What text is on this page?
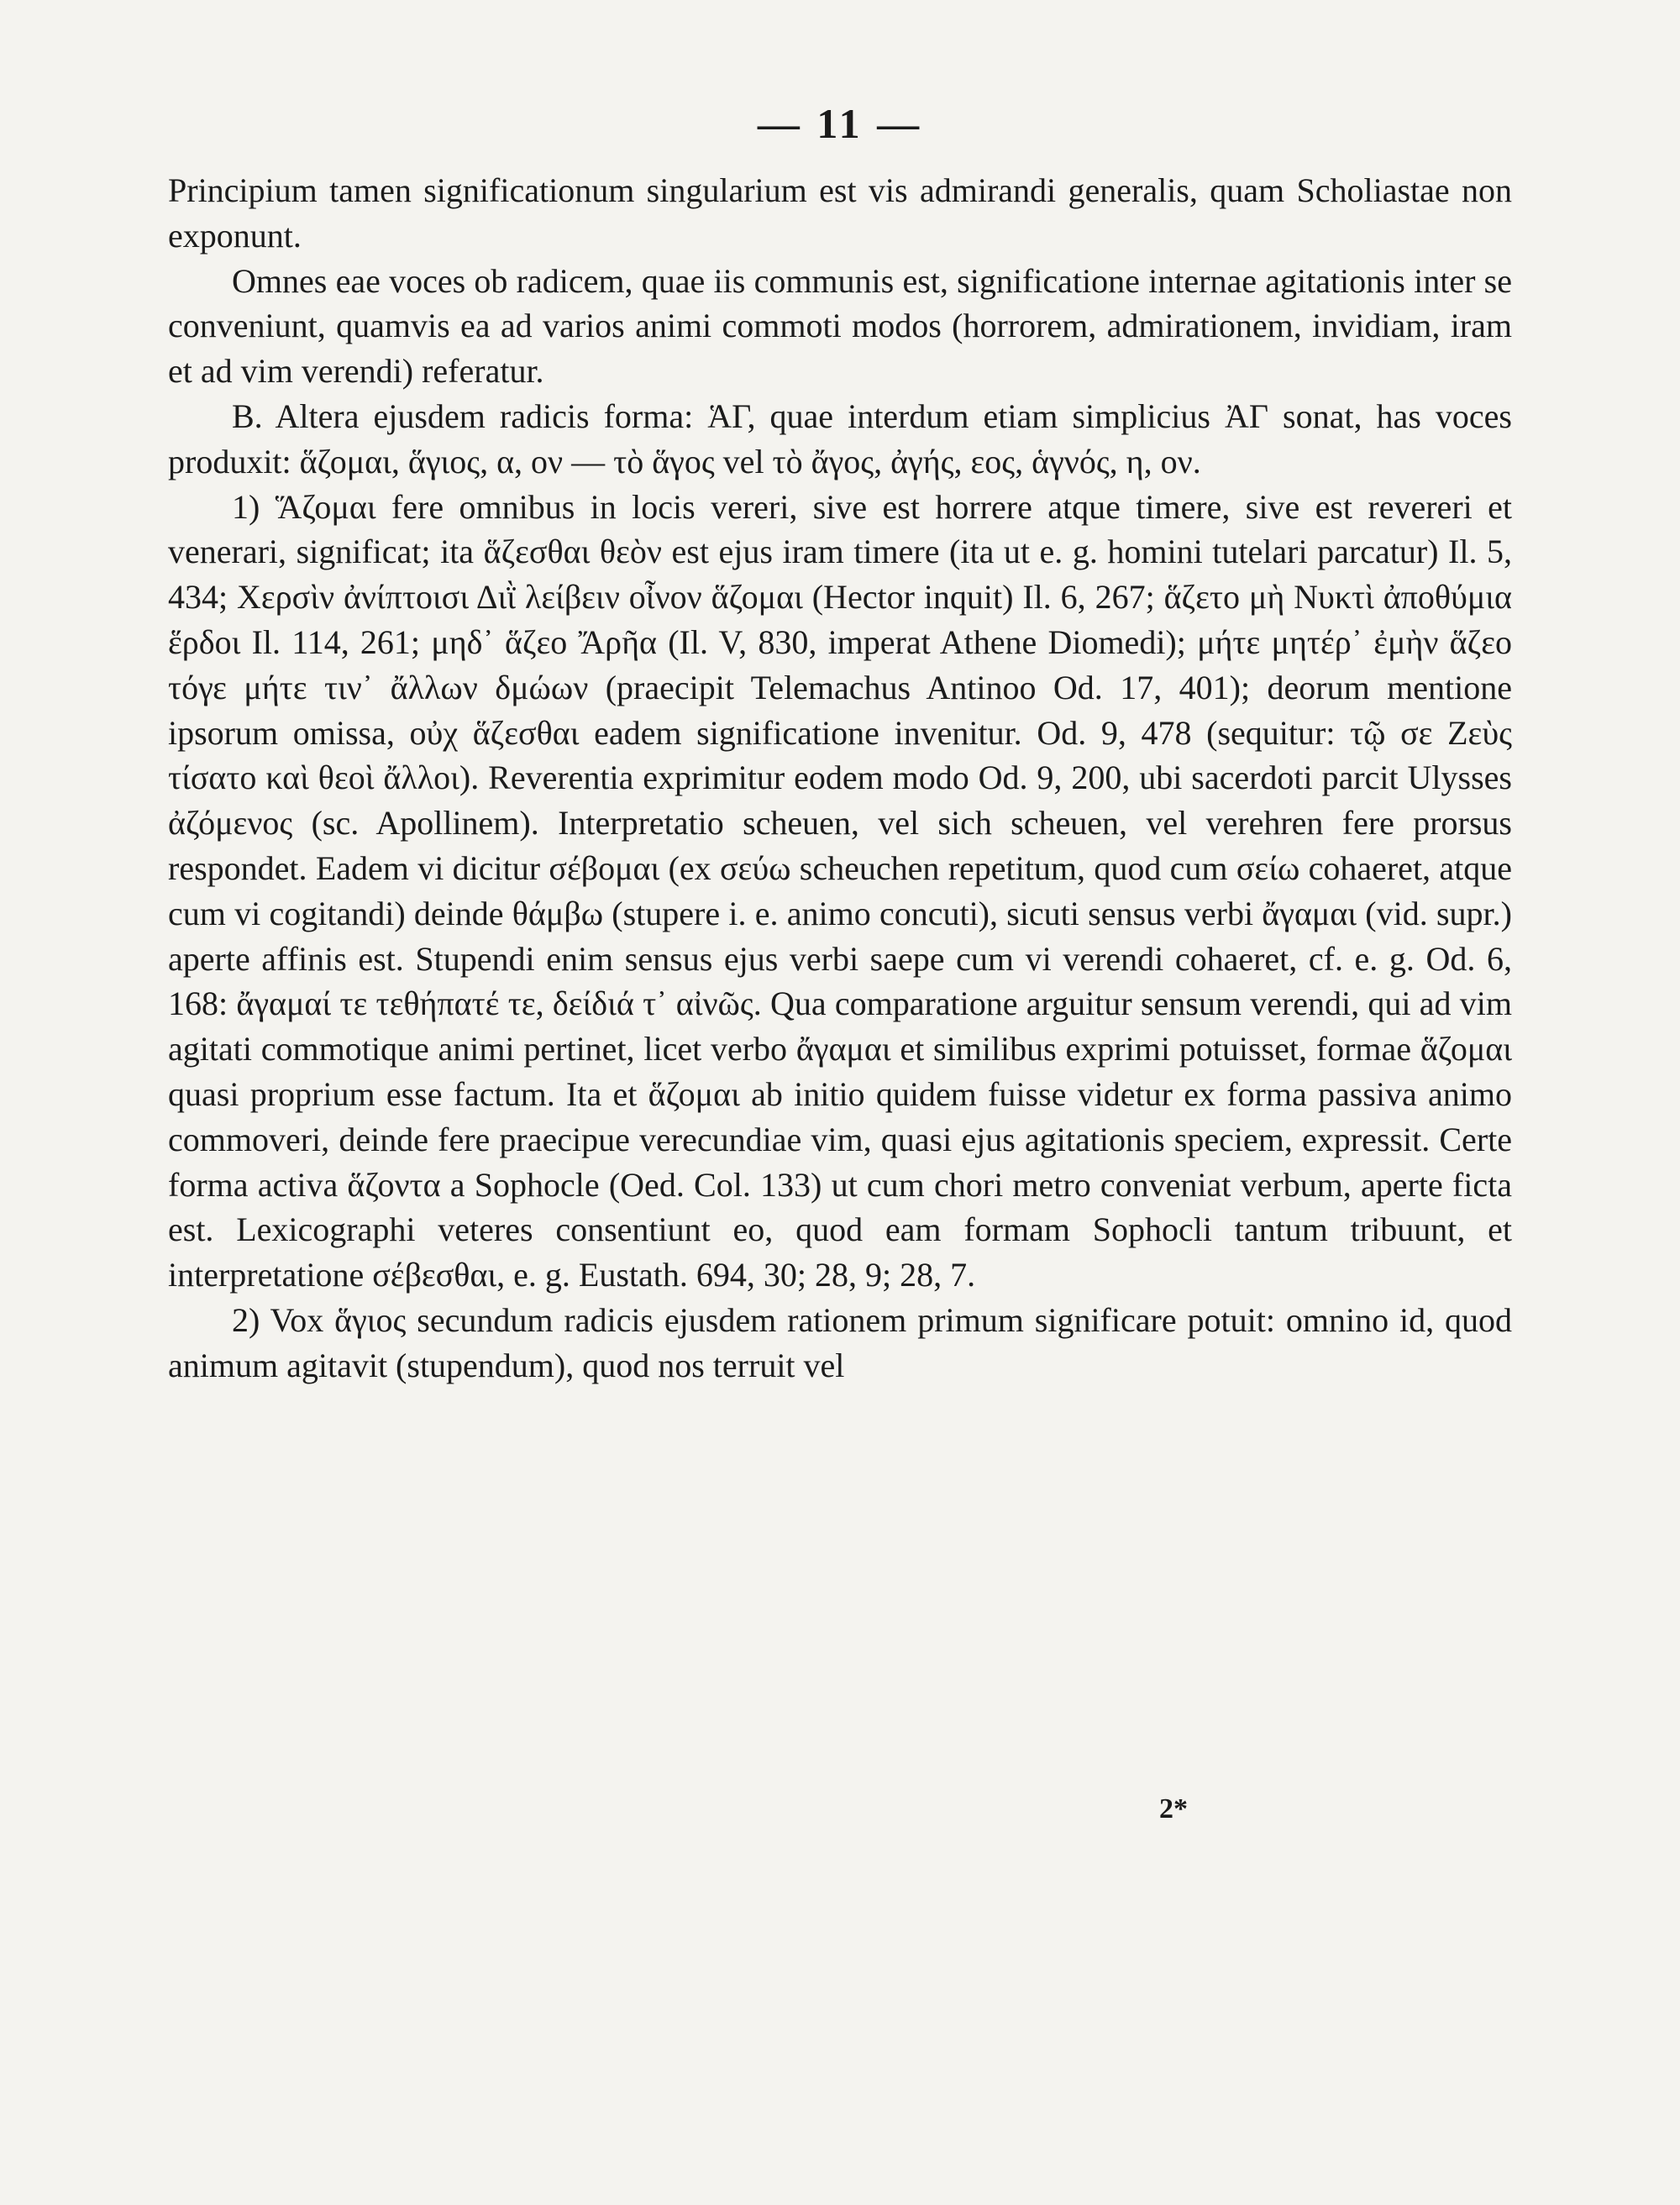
— 11 —

Principium tamen significationum singularium est vis admirandi generalis, quam Scholiastae non exponunt.

Omnes eae voces ob radicem, quae iis communis est, significatione internae agitationis inter se conveniunt, quamvis ea ad varios animi commoti modos (horrorem, admirationem, invidiam, iram et ad vim verendi) referatur.

B. Altera ejusdem radicis forma: ἉΓ, quae interdum etiam simplicius ἈΓ sonat, has voces produxit: ἅζομαι, ἅγιος, α, ον — τὸ ἅγος vel τὸ ἄγος, ἀγής, εος, ἁγνός, η, ον.

1) Ἅζομαι fere omnibus in locis vereri, sive est horrere atque timere, sive est revereri et venerari, significat; ita ἅζεσθαι θεὸν est ejus iram timere (ita ut e. g. homini tutelari parcatur) Il. 5, 434; Χερσὶν ἀνίπτοισι Διῒ λείβειν οἶνον ἅζομαι (Hector inquit) Il. 6, 267; ἅζετο μὴ Νυκτὶ ἀποθύμια ἕρδοι Il. 114, 261; μηδ᾽ ἅζεο Ἄρῆα (Il. V, 830, imperat Athene Diomedi); μήτε μητέρ᾽ ἐμὴν ἅζεο τόγε μήτε τιν᾽ ἄλλων δμώων (praecipit Telemachus Antinoo Od. 17, 401); deorum mentione ipsorum omissa, οὐχ ἅζεσθαι eadem significatione invenitur. Od. 9, 478 (sequitur: τῷ σε Ζεὺς τίσατο καὶ θεοὶ ἄλλοι). Reverentia exprimitur eodem modo Od. 9, 200, ubi sacerdoti parcit Ulysses ἀζόμενος (sc. Apollinem). Interpretatio scheuen, vel sich scheuen, vel verehren fere prorsus respondet. Eadem vi dicitur σέβομαι (ex σεύω scheuchen repetitum, quod cum σείω cohaeret, atque cum vi cogitandi) deinde θάμβω (stupere i. e. animo concuti), sicuti sensus verbi ἄγαμαι (vid. supr.) aperte affinis est. Stupendi enim sensus ejus verbi saepe cum vi verendi cohaeret, cf. e. g. Od. 6, 168: ἄγαμαί τε τεθήπατέ τε, δείδιά τ᾽ αἰνῶς. Qua comparatione arguitur sensum verendi, qui ad vim agitati commotique animi pertinet, licet verbo ἄγαμαι et similibus exprimi potuisset, formae ἅζομαι quasi proprium esse factum. Ita et ἅζομαι ab initio quidem fuisse videtur ex forma passiva animo commoveri, deinde fere praecipue verecundiae vim, quasi ejus agitationis speciem, expressit. Certe forma activa ἅζοντα a Sophocle (Oed. Col. 133) ut cum chori metro conveniat verbum, aperte ficta est. Lexicographi veteres consentiunt eo, quod eam formam Sophocli tantum tribuunt, et interpretatione σέβεσθαι, e. g. Eustath. 694, 30; 28, 9; 28, 7.

2) Vox ἅγιος secundum radicis ejusdem rationem primum significare potuit: omnino id, quod animum agitavit (stupendum), quod nos terruit vel

2*
